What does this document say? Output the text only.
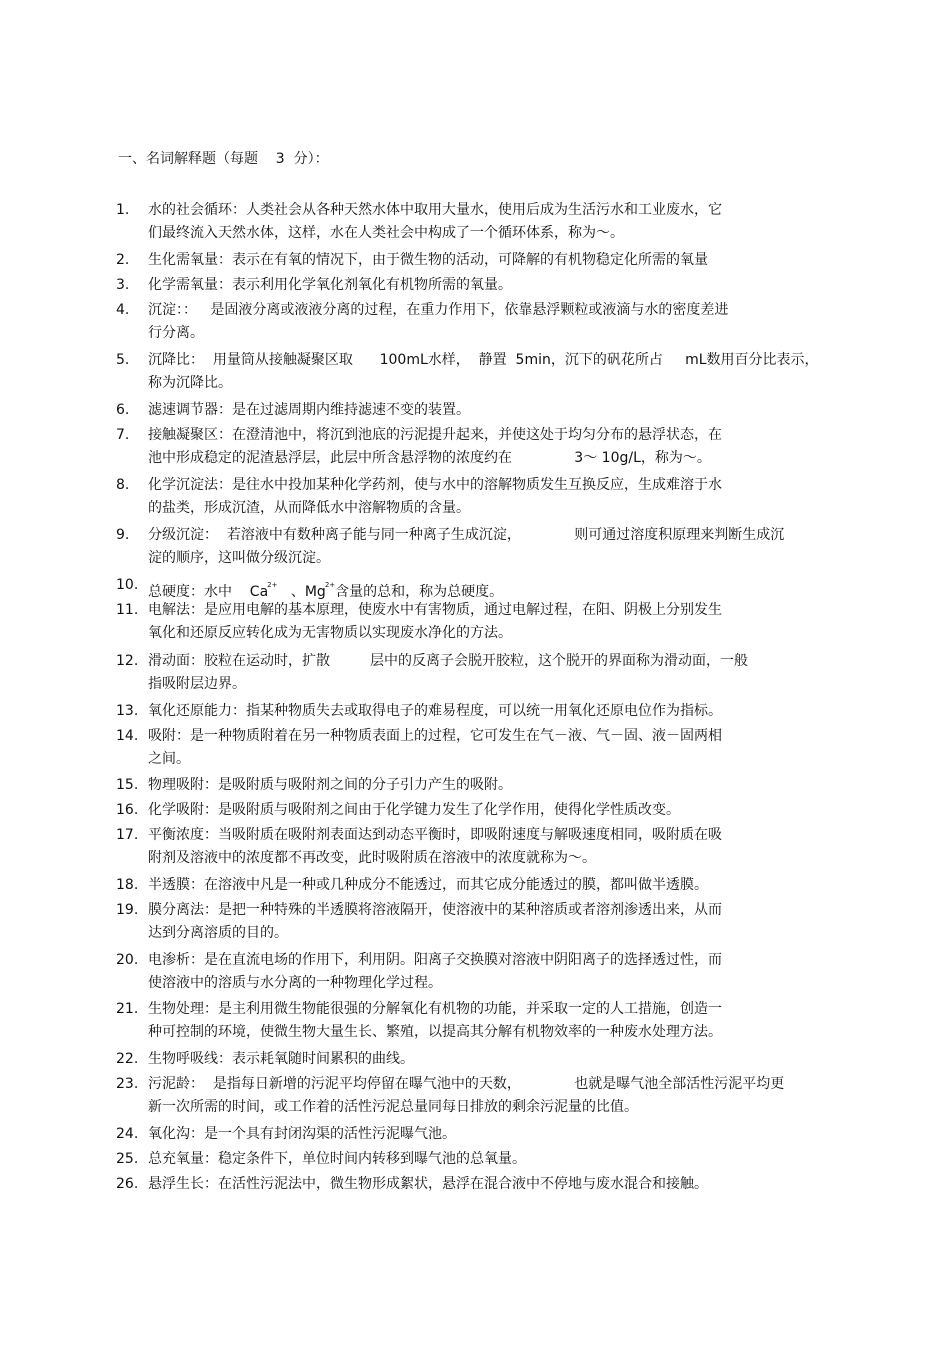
一、名词解释题（每题    3  分）：
1.	水的社会循环：人类社会从各种天然水体中取用大量水，使用后成为生活污水和工业废水，它
们最终流入天然水体，这样，水在人类社会中构成了一个循环体系，称为～。
2.	生化需氧量：表示在有氧的情况下，由于微生物的活动，可降解的有机物稳定化所需的氧量
3.	化学需氧量：表示利用化学氧化剂氧化有机物所需的氧量。
4.	沉淀：：   是固液分离或液液分离的过程，在重力作用下，依靠悬浮颗粒或液滴与水的密度差进
行分离。
5.	沉降比：  用量筒从接触凝聚区取      100mL水样，  静置  5min，沉下的矾花所占     mL数用百分比表示，
称为沉降比。
6.	滤速调节器：是在过滤周期内维持滤速不变的装置。
7.	接触凝聚区：在澄清池中，将沉到池底的污泥提升起来，并使这处于均匀分布的悬浮状态，在
池中形成稳定的泥渣悬浮层，此层中所含悬浮物的浓度约在              3～ 10g/L，称为～。
8.	化学沉淀法：是往水中投加某种化学药剂，使与水中的溶解物质发生互换反应，生成难溶于水
的盐类，形成沉渣，从而降低水中溶解物质的含量。
9.	分级沉淀：  若溶液中有数种离子能与同一种离子生成沉淀，            则可通过溶度积原理来判断生成沉
淀的顺序，这叫做分级沉淀。
10. 总硬度：水中    $Ca^{2+}$   、$Mg^{2+}$含量的总和，称为总硬度。
11. 电解法：是应用电解的基本原理，使废水中有害物质，通过电解过程，在阳、阴极上分别发生
氧化和还原反应转化成为无害物质以实现废水净化的方法。
12. 滑动面：胶粒在运动时，扩散         层中的反离子会脱开胶粒，这个脱开的界面称为滑动面，一般
指吸附层边界。
13. 氧化还原能力：指某种物质失去或取得电子的难易程度，可以统一用氧化还原电位作为指标。
14. 吸附：是一种物质附着在另一种物质表面上的过程，它可发生在气－液、气－固、液－固两相
之间。
15. 物理吸附：是吸附质与吸附剂之间的分子引力产生的吸附。
16. 化学吸附：是吸附质与吸附剂之间由于化学键力发生了化学作用，使得化学性质改变。
17. 平衡浓度：当吸附质在吸附剂表面达到动态平衡时，即吸附速度与解吸速度相同，吸附质在吸
附剂及溶液中的浓度都不再改变，此时吸附质在溶液中的浓度就称为～。
18. 半透膜：在溶液中凡是一种或几种成分不能透过，而其它成分能透过的膜，都叫做半透膜。
19. 膜分离法：是把一种特殊的半透膜将溶液隔开，使溶液中的某种溶质或者溶剂渗透出来，从而
达到分离溶质的目的。
20. 电渗析：是在直流电场的作用下，利用阴。阳离子交换膜对溶液中阴阳离子的选择透过性，而
使溶液中的溶质与水分离的一种物理化学过程。
21. 生物处理：是主利用微生物能很强的分解氧化有机物的功能，并采取一定的人工措施，创造一
种可控制的环境，使微生物大量生长、繁殖，以提高其分解有机物效率的一种废水处理方法。
22. 生物呼吸线：表示耗氧随时间累积的曲线。
23. 污泥龄：  是指每日新增的污泥平均停留在曝气池中的天数，            也就是曝气池全部活性污泥平均更
新一次所需的时间，或工作着的活性污泥总量同每日排放的剩余污泥量的比值。
24. 氧化沟：是一个具有封闭沟渠的活性污泥曝气池。
25. 总充氧量：稳定条件下，单位时间内转移到曝气池的总氧量。
26. 悬浮生长：在活性污泥法中，微生物形成絮状，悬浮在混合液中不停地与废水混合和接触。
